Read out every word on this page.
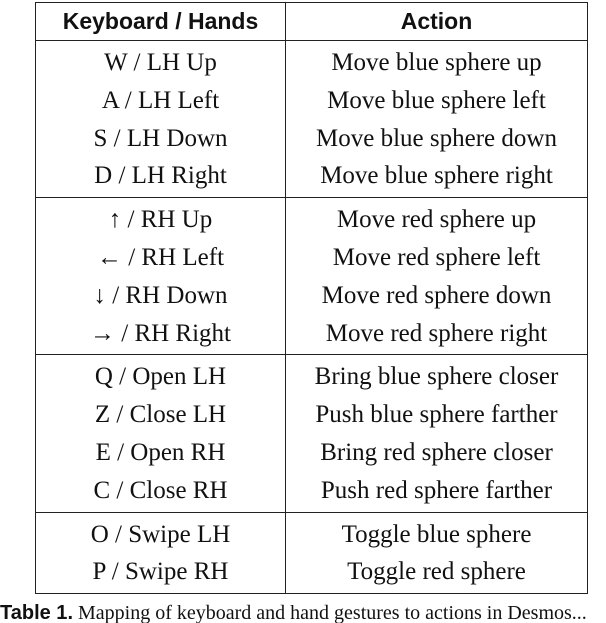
Keyboard / Hands	Action
W / LH Up	Move blue sphere up
A / LH Left	Move blue sphere left
S / LH Down	Move blue sphere down
D / LH Right	Move blue sphere right
↑ / RH Up	Move red sphere up
← / RH Left	Move red sphere left
↓ / RH Down	Move red sphere down
→ / RH Right	Move red sphere right
Q / Open LH	Bring blue sphere closer
Z / Close LH	Push blue sphere farther
E / Open RH	Bring red sphere closer
C / Close RH	Push red sphere farther
O / Swipe LH	Toggle blue sphere
P / Swipe RH	Toggle red sphere
Table 1. Mapping of keyboard and hand gestures to actions in Desmos...
